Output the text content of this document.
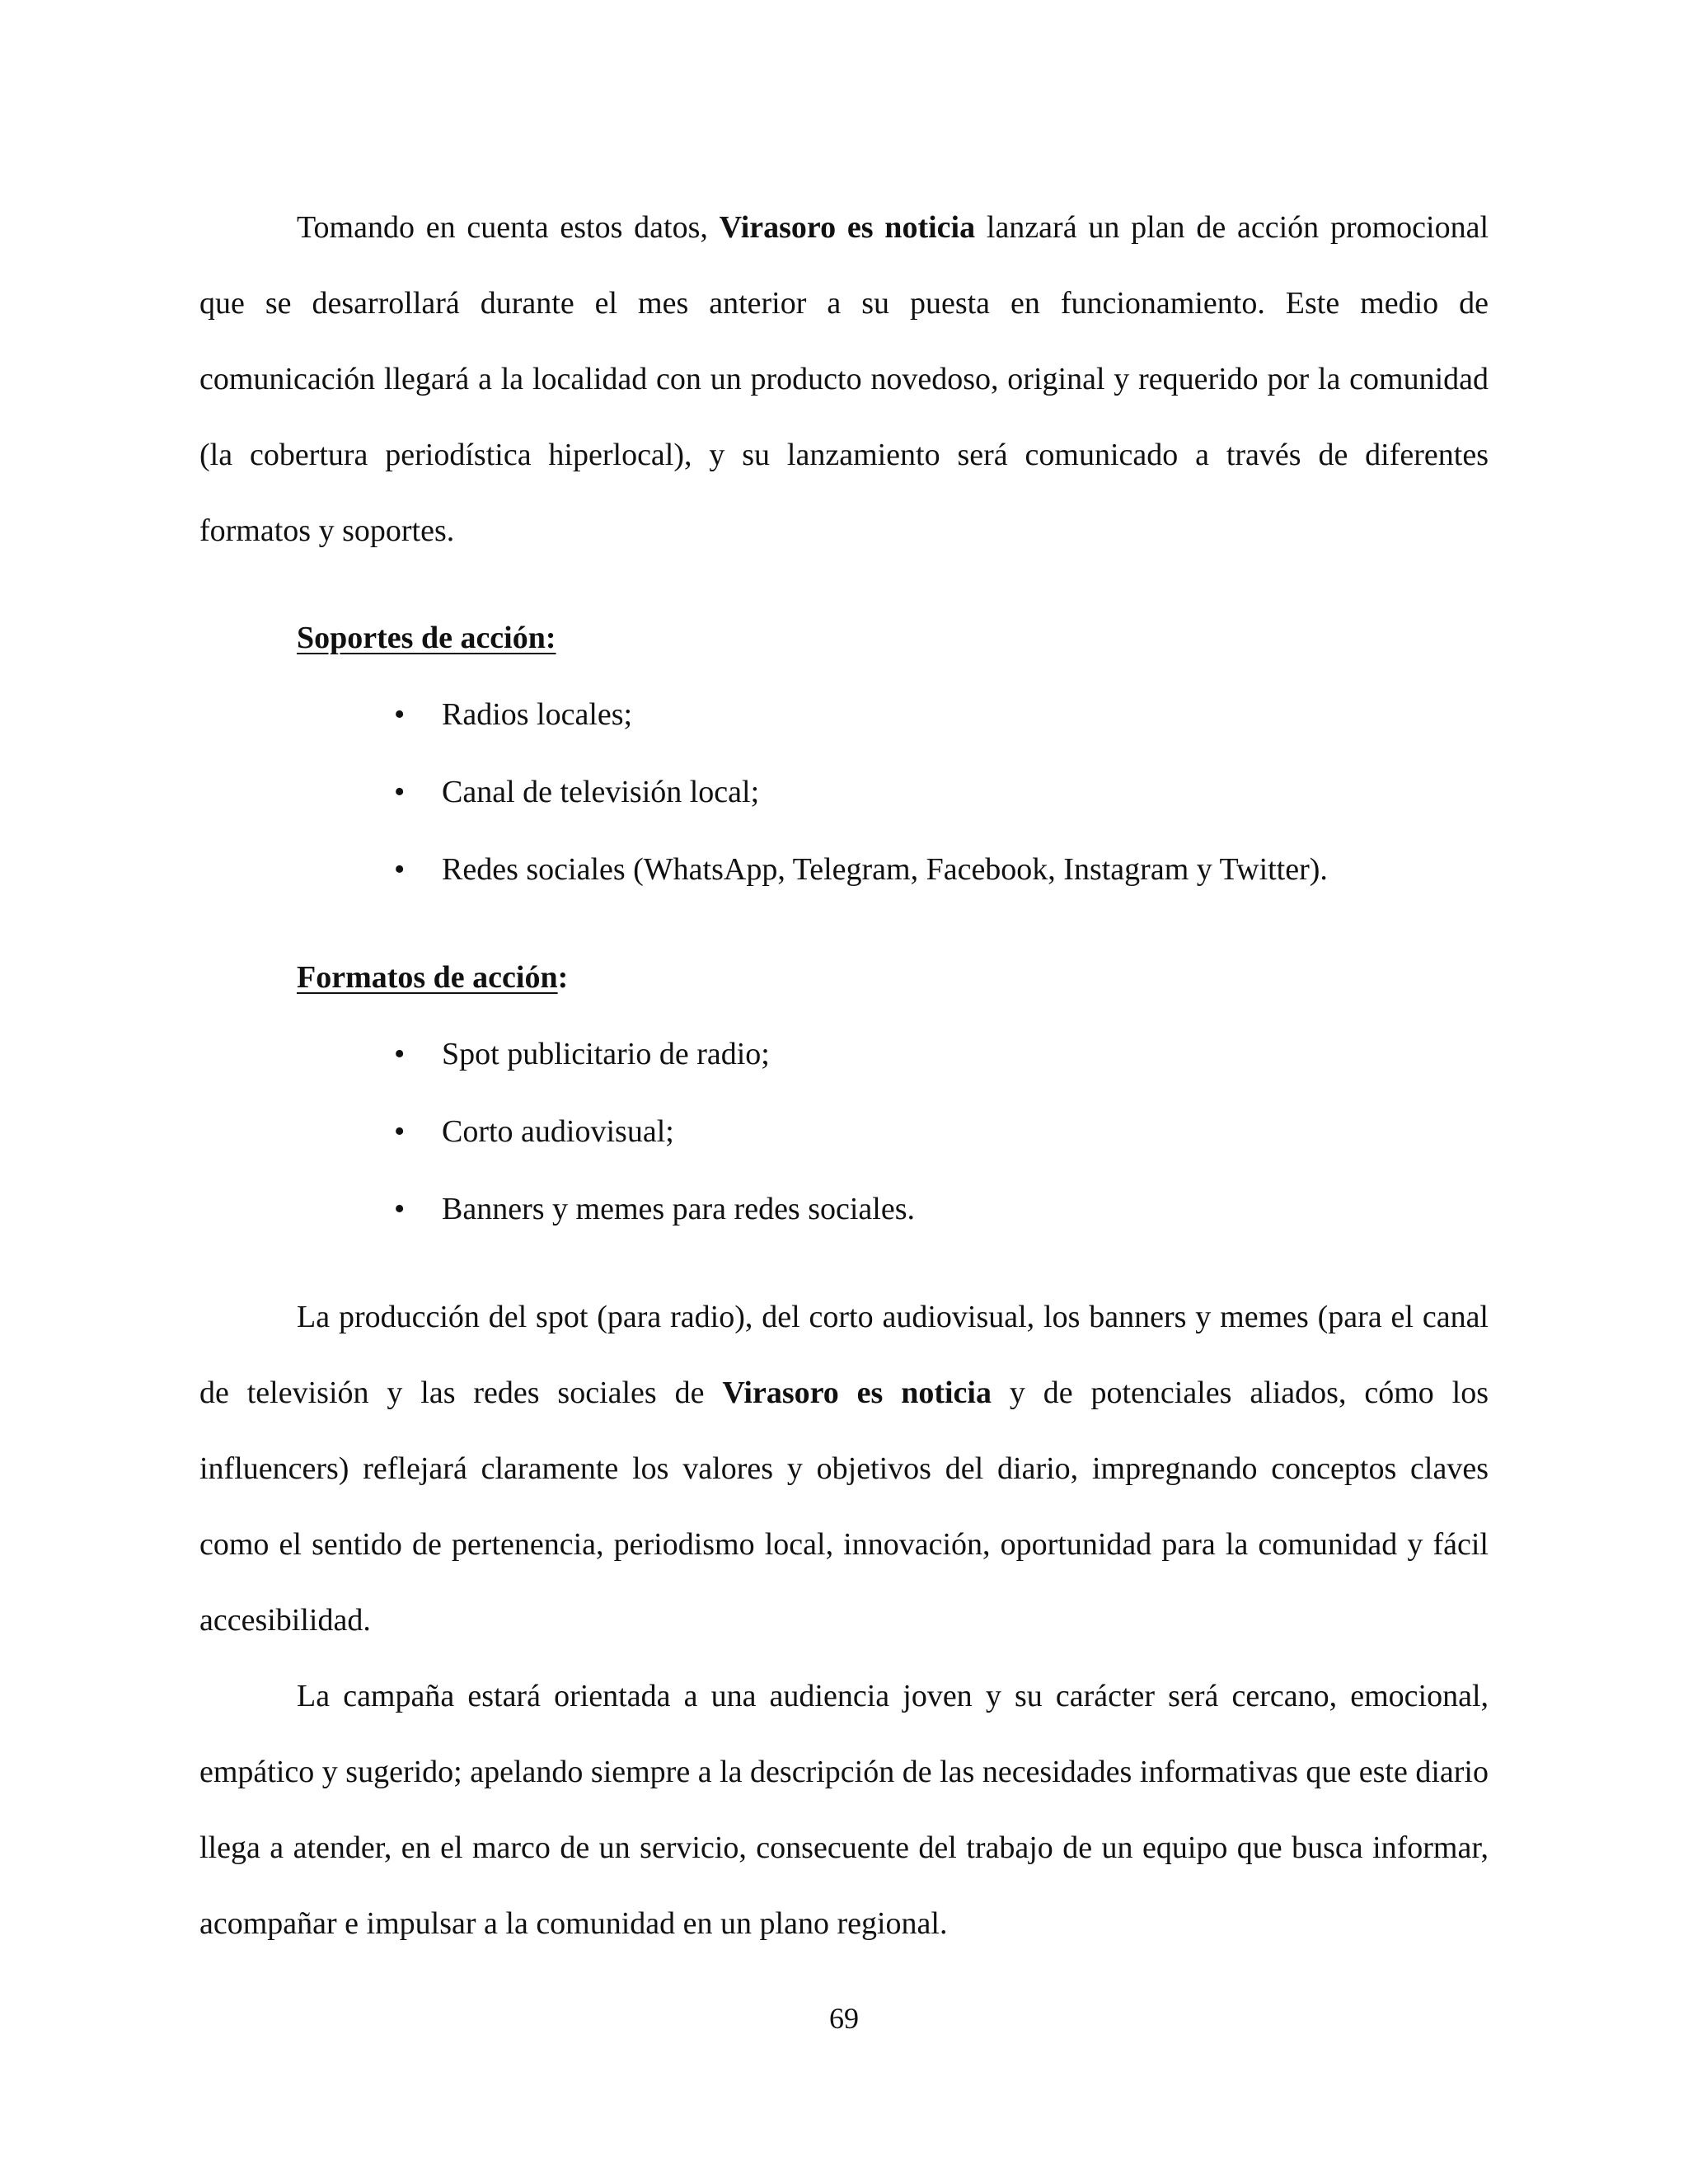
Tomando en cuenta estos datos, Virasoro es noticia lanzará un plan de acción promocional que se desarrollará durante el mes anterior a su puesta en funcionamiento. Este medio de comunicación llegará a la localidad con un producto novedoso, original y requerido por la comunidad (la cobertura periodística hiperlocal), y su lanzamiento será comunicado a través de diferentes formatos y soportes.

Soportes de acción:
• Radios locales;
• Canal de televisión local;
• Redes sociales (WhatsApp, Telegram, Facebook, Instagram y Twitter).
Formatos de acción:
• Spot publicitario de radio;
• Corto audiovisual;
• Banners y memes para redes sociales.

La producción del spot (para radio), del corto audiovisual, los banners y memes (para el canal de televisión y las redes sociales de Virasoro es noticia y de potenciales aliados, cómo los influencers) reflejará claramente los valores y objetivos del diario, impregnando conceptos claves como el sentido de pertenencia, periodismo local, innovación, oportunidad para la comunidad y fácil accesibilidad.

La campaña estará orientada a una audiencia joven y su carácter será cercano, emocional, empático y sugerido; apelando siempre a la descripción de las necesidades informativas que este diario llega a atender, en el marco de un servicio, consecuente del trabajo de un equipo que busca informar, acompañar e impulsar a la comunidad en un plano regional.

69
